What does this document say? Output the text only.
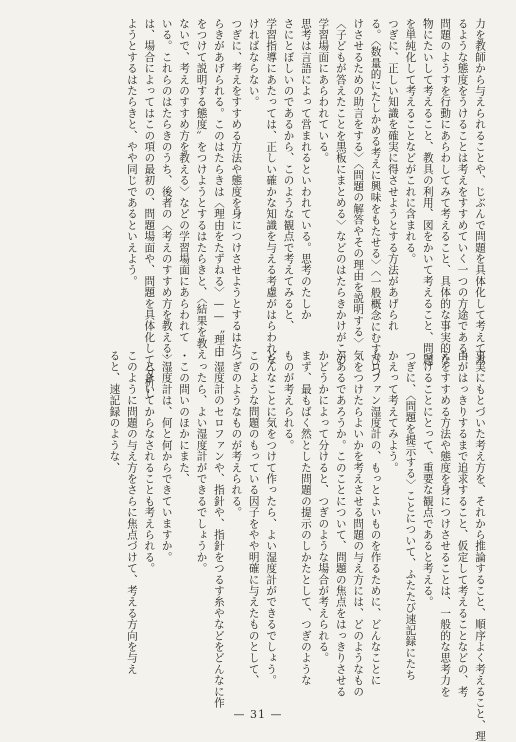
力を教師から与えられることや、じぶんで問題を具体化して考えてみ
るような態度をうけることは考えをすすめていく一つの方途である。
問題のようすを行動にあらわしてみて考えること、具体的な事実的な
物にたいして考えること、教具の利用、図をかいて考えること、問題
を単純化して考えることなどがこれに含まれる。
つぎに、正しい知識を確実に得させようとする方法があげられ
る。〈数量的にたしかめる考えに興味をもたせる〉〈一般概念にむすびつ
けさせるための助言をする〉〈問題の解答やその理由を説明する〉
〈子どもが答えたことを黒板にまとめる〉などのはたらきかけがこの
学習場面にあらわれている。
思考は言語によって営まれるといわれている。思考のたしか
さにとぼしいのであるから、このような観点で考えてみると、
学習指導にあたっては、正しい確かな知識を与える考慮がはらわれな
ければならない。
つぎに、考えをすすめる方法や態度を身につけさせようとするはた
らきがあげられる。このはたらきは〈理由をたずねる〉——〝理由
をつけて説明する態度〟をつけようとするはたらきと、〈結果を教え
ないで、考えのすすめ方を教える〉などの学習場面にあらわれて
いる。これらのはたらきのうち、後者の〈考えのすすめ方を教える〉
は、場合によってはこの項の最初の、問題場面や、問題を具体化して分析し
ようとするはたらきと、やや同じであるといえよう。
事実にもとづいた考え方を、それから推論すること、順序よく考えること、理
由がはっきりするまで追求すること、仮定して考えることなどの、考
えをすすめる方法や態度を身につけさせることは、一般的な思考力を
つけることにとって、重要な観点であると考える。
つぎに、〈問題を提示する〉ことについて、ふたたび速記録にたち
かえって考えてみよう。
セロファン湿度計の、もっとよいものを作るために、どんなことに
気をつけたらよいかを考えさせる問題の与え方には、どのようなもの
があるであろうか。このことについて、問題の焦点をはっきりさせる
かどうかによって分けると、つぎのような場合が考えられる。
まず、最もばく然とした問題の提示のしかたとして、つぎのような
ものが考えられる。
どんなことに気をつけて作ったら、よい湿度計ができるでしょう。
このような問題のもっている因子をやや明確に与えたものとして、
つぎのようなものが考えられる。
・湿度計のセロファンや、指針や、指針をつるす糸やなどをどんなに作
　ったら、よい湿度計ができるでしょうか。
・この問いのほかにまた、
・湿度計は、何と何からできていますか。
　ときいてからなされることも考えられる。
このように問題の与え方をさらに焦点づけて、考える方向を与え
ると、速記録のような、
— 31 —
